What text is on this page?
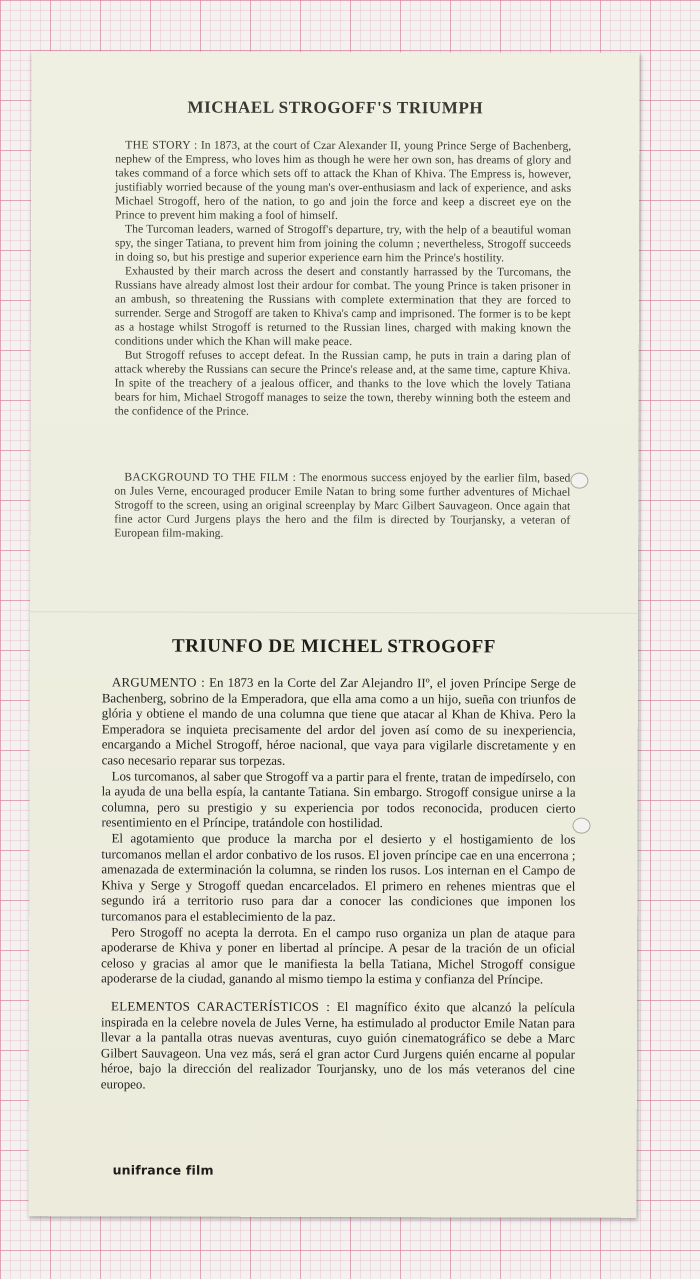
MICHAEL STROGOFF'S TRIUMPH

THE STORY : In 1873, at the court of Czar Alexander II, young Prince Serge of Bachenberg, nephew of the Empress, who loves him as though he were her own son, has dreams of glory and takes command of a force which sets off to attack the Khan of Khiva. The Empress is, however, justifiably worried because of the young man's over-enthusiasm and lack of experience, and asks Michael Strogoff, hero of the nation, to go and join the force and keep a discreet eye on the Prince to prevent him making a fool of himself.

The Turcoman leaders, warned of Strogoff's departure, try, with the help of a beautiful woman spy, the singer Tatiana, to prevent him from joining the column ; nevertheless, Strogoff succeeds in doing so, but his prestige and superior experience earn him the Prince's hostility.

Exhausted by their march across the desert and constantly harrassed by the Turcomans, the Russians have already almost lost their ardour for combat. The young Prince is taken prisoner in an ambush, so threatening the Russians with complete extermination that they are forced to surrender. Serge and Strogoff are taken to Khiva's camp and imprisoned. The former is to be kept as a hostage whilst Strogoff is returned to the Russian lines, charged with making known the conditions under which the Khan will make peace.

But Strogoff refuses to accept defeat. In the Russian camp, he puts in train a daring plan of attack whereby the Russians can secure the Prince's release and, at the same time, capture Khiva. In spite of the treachery of a jealous officer, and thanks to the love which the lovely Tatiana bears for him, Michael Strogoff manages to seize the town, thereby winning both the esteem and the confidence of the Prince.

BACKGROUND TO THE FILM : The enormous success enjoyed by the earlier film, based on Jules Verne, encouraged producer Emile Natan to bring some further adventures of Michael Strogoff to the screen, using an original screenplay by Marc Gilbert Sauvageon. Once again that fine actor Curd Jurgens plays the hero and the film is directed by Tourjansky, a veteran of European film-making.

TRIUNFO DE MICHEL STROGOFF

ARGUMENTO : En 1873 en la Corte del Zar Alejandro IIº, el joven Príncipe Serge de Bachenberg, sobrino de la Emperadora, que ella ama como a un hijo, sueña con triunfos de glória y obtiene el mando de una columna que tiene que atacar al Khan de Khiva. Pero la Emperadora se inquieta precisamente del ardor del joven así como de su inexperiencia, encargando a Michel Strogoff, héroe nacional, que vaya para vigilarle discretamente y en caso necesario reparar sus torpezas.

Los turcomanos, al saber que Strogoff va a partir para el frente, tratan de impedírselo, con la ayuda de una bella espía, la cantante Tatiana. Sin embargo. Strogoff consigue unirse a la columna, pero su prestigio y su experiencia por todos reconocida, producen cierto resentimiento en el Príncipe, tratándole con hostilidad.

El agotamiento que produce la marcha por el desierto y el hostigamiento de los turcomanos mellan el ardor conbativo de los rusos. El joven príncipe cae en una encerrona ; amenazada de exterminación la columna, se rinden los rusos. Los internan en el Campo de Khiva y Serge y Strogoff quedan encarcelados. El primero en rehenes mientras que el segundo irá a territorio ruso para dar a conocer las condiciones que imponen los turcomanos para el establecimiento de la paz.

Pero Strogoff no acepta la derrota. En el campo ruso organiza un plan de ataque para apoderarse de Khiva y poner en libertad al príncipe. A pesar de la tración de un oficial celoso y gracias al amor que le manifiesta la bella Tatiana, Michel Strogoff consigue apoderarse de la ciudad, ganando al mismo tiempo la estima y confianza del Príncipe.

ELEMENTOS CARACTERÍSTICOS : El magnífico éxito que alcanzó la película inspirada en la celebre novela de Jules Verne, ha estimulado al productor Emile Natan para llevar a la pantalla otras nuevas aventuras, cuyo guión cinematográfico se debe a Marc Gilbert Sauvageon. Una vez más, será el gran actor Curd Jurgens quién encarne al popular héroe, bajo la dirección del realizador Tourjansky, uno de los más veteranos del cine europeo.

unifrance film
